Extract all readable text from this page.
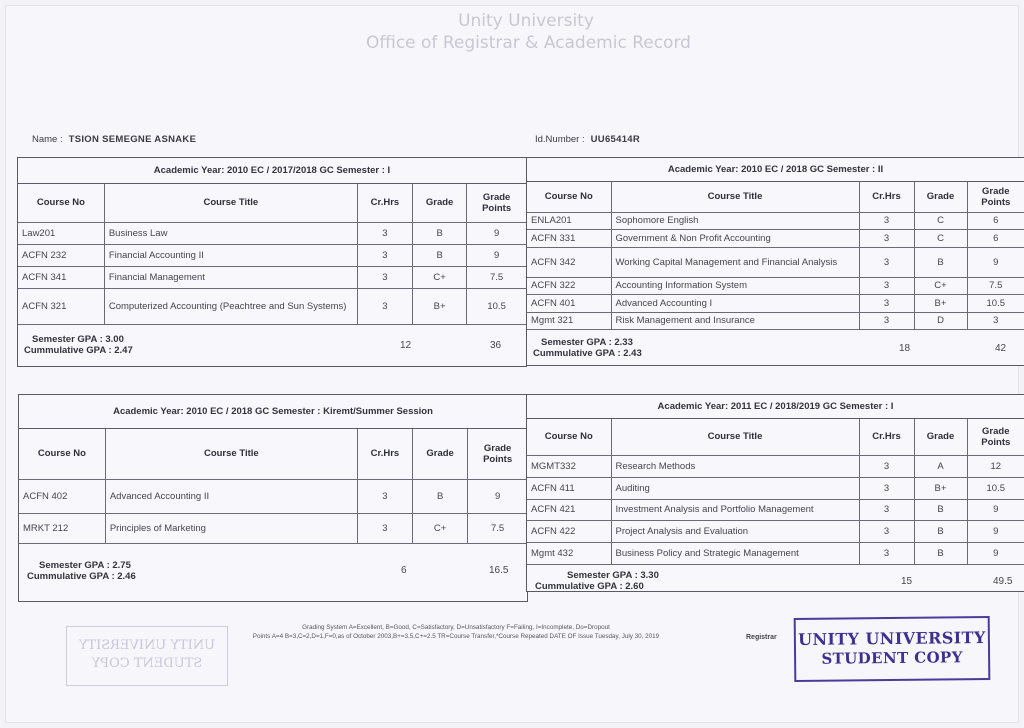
Unity University
Office of Registrar & Academic Record
Name : TSION SEMEGNE ASNAKE	Id.Number : UU65414R
Academic Year: 2010 EC / 2017/2018 GC Semester : I
Course No	Course Title	Cr.Hrs	Grade	Grade Points
Law201	Business Law	3	B	9
ACFN 232	Financial Accounting II	3	B	9
ACFN 341	Financial Management	3	C+	7.5
ACFN 321	Computerized Accounting (Peachtree and Sun Systems)	3	B+	10.5
Semester GPA : 3.00
Cummulative GPA : 2.47	12	36
Academic Year: 2010 EC / 2018 GC Semester : II
Course No	Course Title	Cr.Hrs	Grade	Grade Points
ENLA201	Sophomore English	3	C	6
ACFN 331	Government & Non Profit Accounting	3	C	6
ACFN 342	Working Capital Management and Financial Analysis	3	B	9
ACFN 322	Accounting Information System	3	C+	7.5
ACFN 401	Advanced Accounting I	3	B+	10.5
Mgmt 321	Risk Management and Insurance	3	D	3
Semester GPA : 2.33
Cummulative GPA : 2.43	18	42
Academic Year: 2010 EC / 2018 GC Semester : Kiremt/Summer Session
Course No	Course Title	Cr.Hrs	Grade	Grade Points
ACFN 402	Advanced Accounting II	3	B	9
MRKT 212	Principles of Marketing	3	C+	7.5
Semester GPA : 2.75
Cummulative GPA : 2.46
6	16.5
Academic Year: 2011 EC / 2018/2019 GC Semester : I
Course No	Course Title	Cr.Hrs	Grade	Grade Points
MGMT332	Research Methods	3	A	12
ACFN 411	Auditing	3	B+	10.5
ACFN 421	Investment Analysis and Portfolio Management	3	B	9
ACFN 422	Project Analysis and Evaluation	3	B	9
Mgmt 432	Business Policy and Strategic Management	3	B	9
Semester GPA : 3.30
Cummulative GPA : 2.60	15	49.5
UNITY UNIVERSITY
STUDENT COPY
Grading System A=Excellent, B=Good, C=Satisfactory, D=Unsatisfactory F=Failing, I=Incomplete, Do=Dropout
Points A=4 B=3,C=2,D=1,F=0,as of October 2003,B+=3.5,C+=2.5 TR=Course Transfer,*Course Repeated DATE OF Issue Tuesday, July 30, 2019	Registrar UNITY UNIVERSITY
STUDENT COPY
